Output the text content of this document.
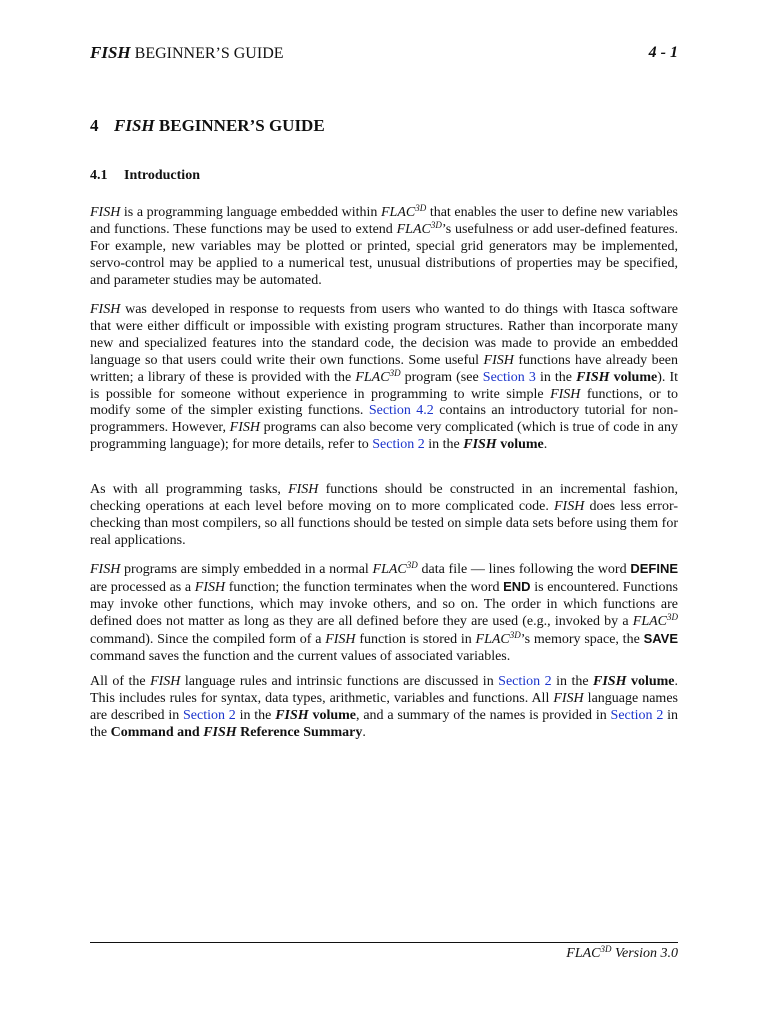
FISH BEGINNER’S GUIDE	4 - 1
4 FISH BEGINNER’S GUIDE
4.1 Introduction

FISH is a programming language embedded within $FLAC^{3D}$ that enables the user to define new variables and functions. These functions may be used to extend $FLAC^{3D}’s$ usefulness or add user-defined features. For example, new variables may be plotted or printed, special grid generators may be implemented, servo-control may be applied to a numerical test, unusual distributions of properties may be specified, and parameter studies may be automated.

FISH was developed in response to requests from users who wanted to do things with Itasca software that were either difficult or impossible with existing program structures. Rather than incorporate many new and specialized features into the standard code, the decision was made to provide an embedded language so that users could write their own functions. Some useful FISH functions have already been written; a library of these is provided with the $FLAC^{3D}$ program (see Section 3 in the FISH volume). It is possible for someone without experience in programming to write simple FISH functions, or to modify some of the simpler existing functions. Section 4.2 contains an introductory tutorial for non-programmers. However, FISH programs can also become very complicated (which is true of code in any programming language); for more details, refer to Section 2 in the FISH volume.

As with all programming tasks, FISH functions should be constructed in an incremental fashion, checking operations at each level before moving on to more complicated code. FISH does less error-checking than most compilers, so all functions should be tested on simple data sets before using them for real applications.

FISH programs are simply embedded in a normal $FLAC^{3D}$ data file — lines following the word DEFINE are processed as a FISH function; the function terminates when the word END is encountered. Functions may invoke other functions, which may invoke others, and so on. The order in which functions are defined does not matter as long as they are all defined before they are used (e.g., invoked by a $FLAC^{3D}$ command). Since the compiled form of a FISH function is stored in $FLAC^{3D}’s$ memory space, the SAVE command saves the function and the current values of associated variables.

All of the FISH language rules and intrinsic functions are discussed in Section 2 in the FISH volume. This includes rules for syntax, data types, arithmetic, variables and functions. All FISH language names are described in Section 2 in the FISH volume, and a summary of the names is provided in Section 2 in the Command and FISH Reference Summary.

$FLAC^{3D}$ Version 3.0
